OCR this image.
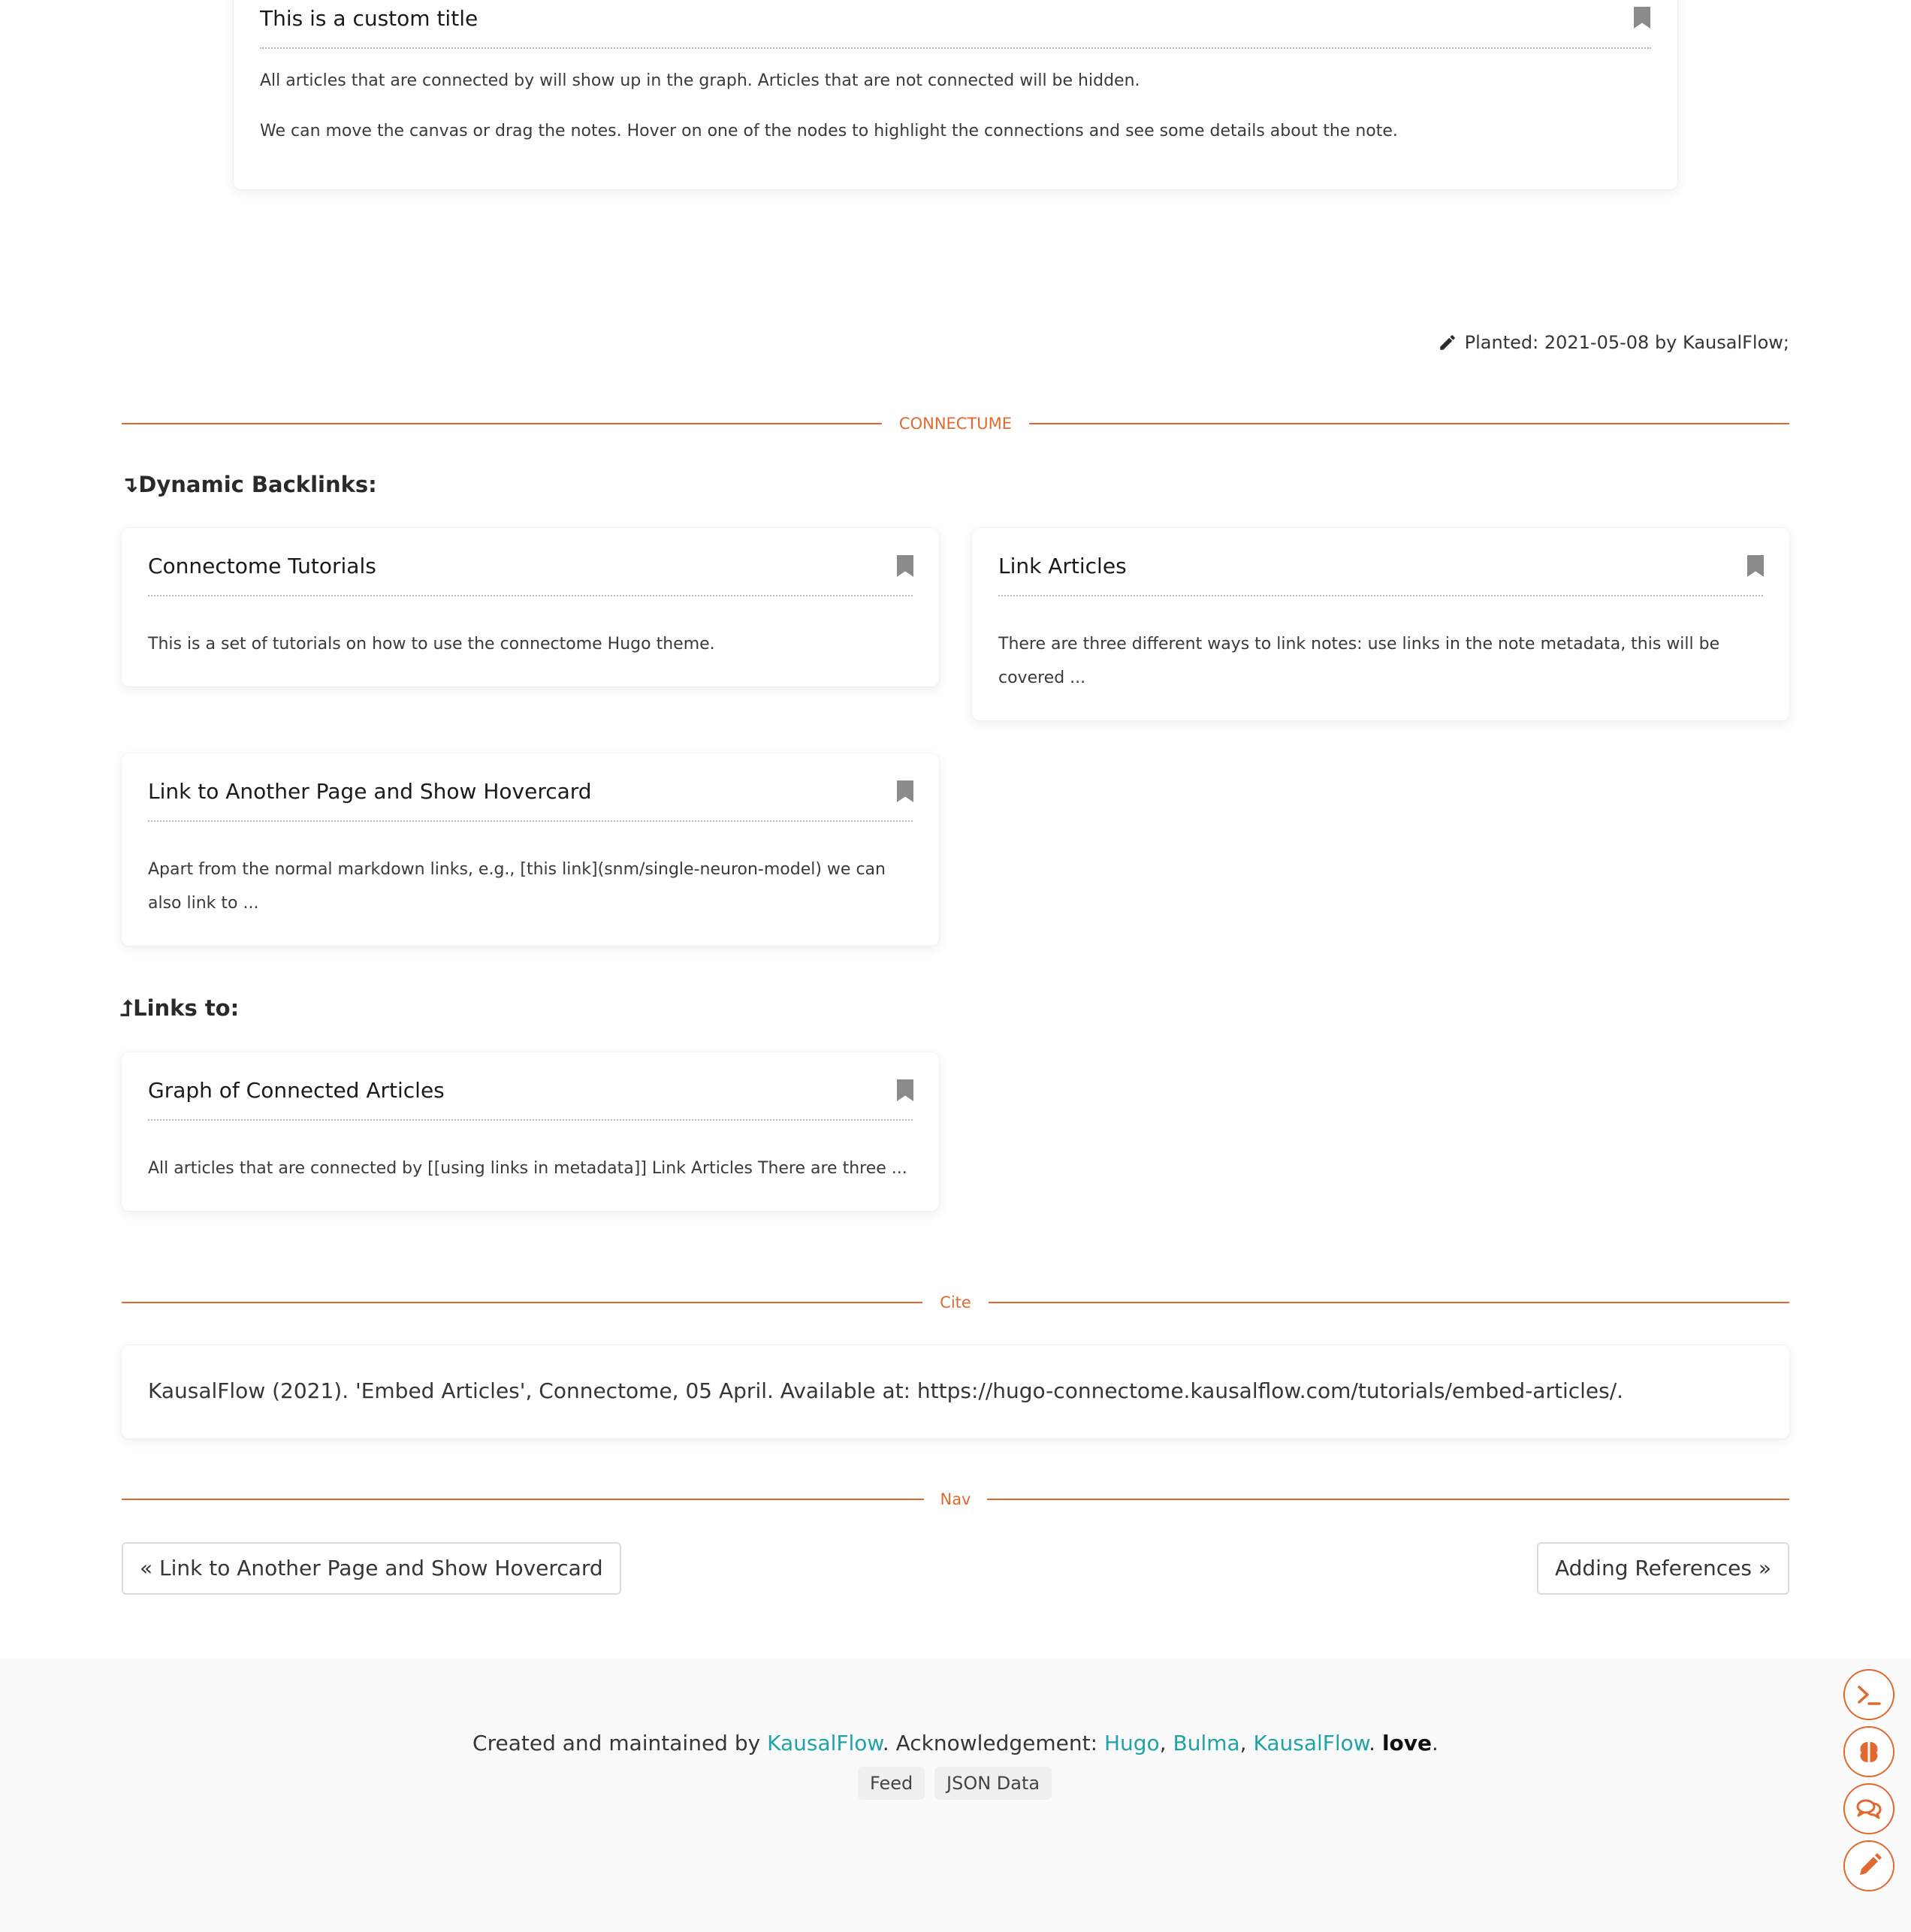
This is a custom title
All articles that are connected by will show up in the graph. Articles that are not connected will be hidden.
We can move the canvas or drag the notes. Hover on one of the nodes to highlight the connections and see some details about the note.
Planted: 2021-05-08 by KausalFlow;
CONNECTUME
↴Dynamic Backlinks:
Connectome Tutorials
This is a set of tutorials on how to use the connectome Hugo theme.
Link Articles
There are three different ways to link notes: use links in the note metadata, this will be covered ...
Link to Another Page and Show Hovercard
Apart from the normal markdown links, e.g., [this link](snm/single-neuron-model) we can also link to ...
⮥Links to:
Graph of Connected Articles
All articles that are connected by [[using links in metadata]] Link Articles There are three ...
Cite
KausalFlow (2021). 'Embed Articles', Connectome, 05 April. Available at: https://hugo-connectome.kausalflow.com/tutorials/embed-articles/.
Nav
« Link to Another Page and Show Hovercard	Adding References »
Created and maintained by KausalFlow. Acknowledgement: Hugo, Bulma, KausalFlow. love.
Feed	JSON Data
